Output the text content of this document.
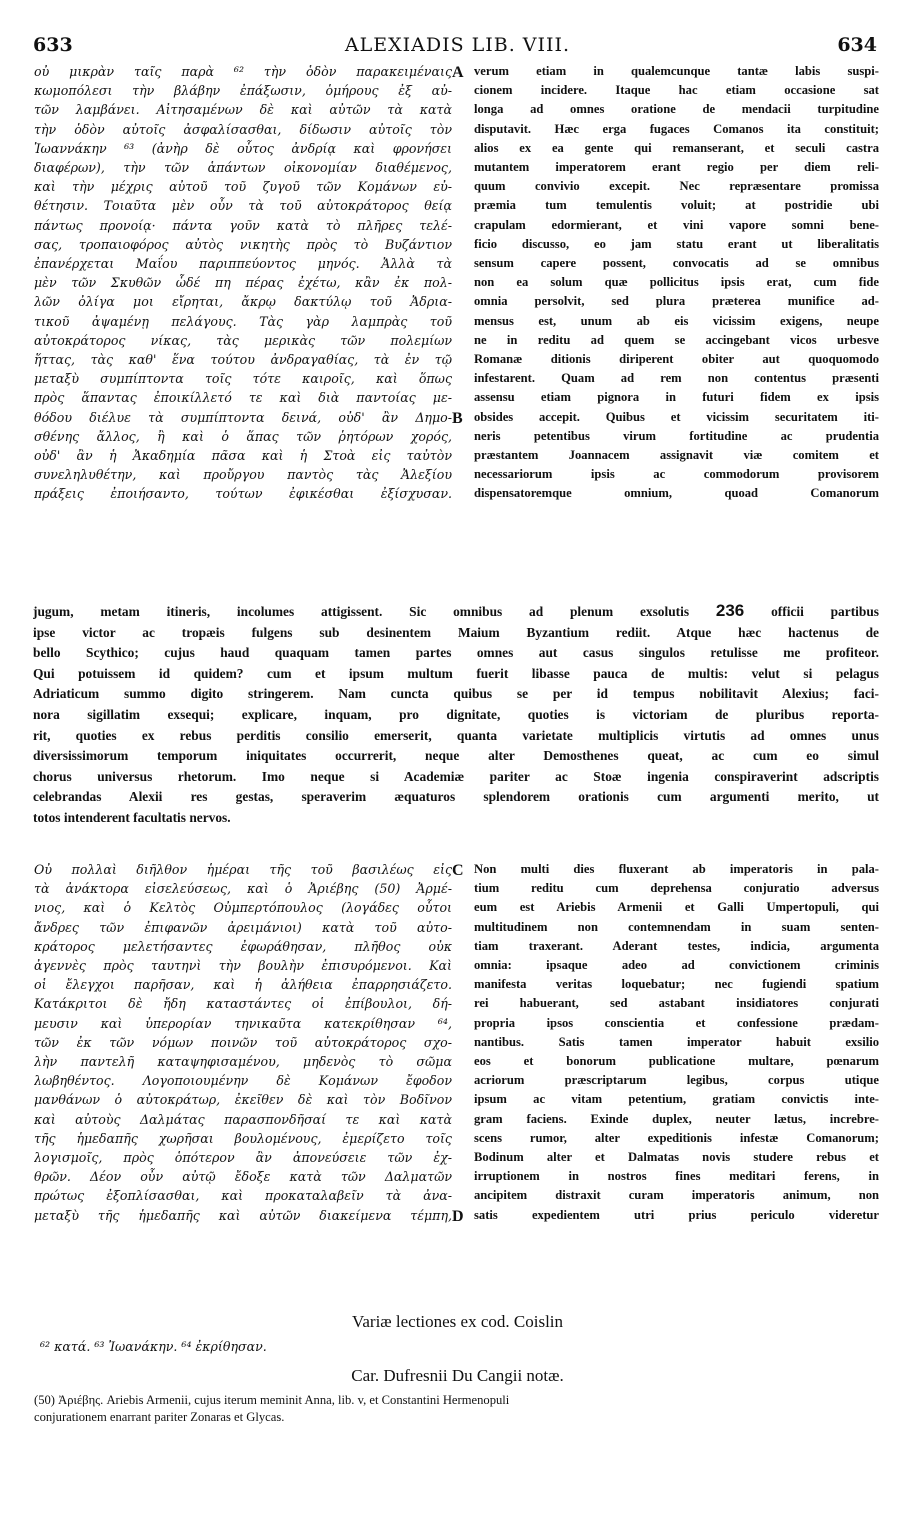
633	ALEXIADIS LIB. VIII.	634
οὐ μικρὰν ταῖς παρὰ ⁶² τὴν ὁδὸν παρακειμέναις
κωμοπόλεσι τὴν βλάβην ἐπάξωσιν, ὁμήρους ἐξ αὐ-
τῶν λαμβάνει. Αἰτησαμένων δὲ καὶ αὐτῶν τὰ κατὰ
τὴν ὁδὸν αὐτοῖς ἀσφαλίσασθαι, δίδωσιν αὐτοῖς τὸν
Ἰωαννάκην ⁶³ (ἀνὴρ δὲ οὗτος ἀνδρίᾳ καὶ φρονήσει
διαφέρων), τὴν τῶν ἁπάντων οἰκονομίαν διαθέμενος,
καὶ τὴν μέχρις αὐτοῦ τοῦ ζυγοῦ τῶν Κομάνων εὐ-
θέτησιν. Τοιαῦτα μὲν οὖν τὰ τοῦ αὐτοκράτορος θείᾳ
πάντως προνοίᾳ· πάντα γοῦν κατὰ τὸ πλῆρες τελέ-
σας, τροπαιοφόρος αὐτὸς νικητὴς πρὸς τὸ Βυζάντιον
ἐπανέρχεται Μαΐου παριππεύοντος μηνός. Ἀλλὰ τὰ
μὲν τῶν Σκυθῶν ὧδέ πη πέρας ἐχέτω, κἂν ἐκ πολ-
λῶν ὀλίγα μοι εἴρηται, ἄκρῳ δακτύλῳ τοῦ Ἀδρια-
τικοῦ ἀψαμένῃ πελάγους. Τὰς γὰρ λαμπρὰς τοῦ
αὐτοκράτορος νίκας, τὰς μερικὰς τῶν πολεμίων
ἥττας, τὰς καθ' ἕνα τούτου ἀνδραγαθίας, τὰ ἐν τῷ
μεταξὺ συμπίπτοντα τοῖς τότε καιροῖς, καὶ ὅπως
πρὸς ἅπαντας ἐποικίλλετό τε καὶ διὰ παντοίας με-
θόδου διέλυε τὰ συμπίπτοντα δεινά, οὐδ' ἂν Δημο-
σθένης ἄλλος, ἢ καὶ ὁ ἅπας τῶν ῥητόρων χορός,
οὐδ' ἂν ἡ Ἀκαδημία πᾶσα καὶ ἡ Στοὰ εἰς ταὐτὸν
συνεληλυθέτην, καὶ προὔργου παντὸς τὰς Ἀλεξίου
πράξεις ἐποιήσαντο, τούτων ἐφικέσθαι ἐξίσχυσαν.
verum etiam in qualemcunque tantæ labis suspi-
cionem incidere. Itaque hac etiam occasione sat
longa ad omnes oratione de mendacii turpitudine
disputavit. Hæc erga fugaces Comanos ita constituit;
alios ex ea gente qui remanserant, et seculi castra
mutantem imperatorem erant regio per diem reli-
quum convivio excepit. Nec repræsentare promissa
præmia tum temulentis voluit; at postridie ubi
crapulam edormierant, et vini vapore somni bene-
ficio discusso, eo jam statu erant ut liberalitatis
sensum capere possent, convocatis ad se omnibus
non ea solum quæ pollicitus ipsis erat, cum fide
omnia persolvit, sed plura præterea munifice ad-
mensus est, unum ab eis vicissim exigens, neupe
ne in reditu ad quem se accingebant vicos urbesve
Romanæ ditionis diriperent obiter aut quoquomodo
infestarent. Quam ad rem non contentus præsenti
assensu etiam pignora in futuri fidem ex ipsis
obsides accepit. Quibus et vicissim securitatem iti-
neris petentibus virum fortitudine ac prudentia
præstantem Joannacem assignavit viæ comitem et
necessariorum ipsis ac commodorum provisorem
dispensatoremque omnium, quoad Comanorum
A
B
jugum, metam itineris, incolumes attigissent. Sic omnibus ad plenum exsolutis 236 officii partibus
ipse victor ac tropæis fulgens sub desinentem Maium Byzantium rediit. Atque hæc hactenus de
bello Scythico; cujus haud quaquam tamen partes omnes aut casus singulos retulisse me profiteor.
Qui potuissem id quidem? cum et ipsum multum fuerit libasse pauca de multis: velut si pelagus
Adriaticum summo digito stringerem. Nam cuncta quibus se per id tempus nobilitavit Alexius; faci-
nora sigillatim exsequi; explicare, inquam, pro dignitate, quoties is victoriam de pluribus reporta-
rit, quoties ex rebus perditis consilio emerserit, quanta varietate multiplicis virtutis ad omnes unus
diversissimorum temporum iniquitates occurrerit, neque alter Demosthenes queat, ac cum eo simul
chorus universus rhetorum. Imo neque si Academiæ pariter ac Stoæ ingenia conspiraverint adscriptis
celebrandas Alexii res gestas, speraverim æquaturos splendorem orationis cum argumenti merito, ut
totos intenderent facultatis nervos.
Οὐ πολλαὶ διῆλθον ἡμέραι τῆς τοῦ βασιλέως εἰς
τὰ ἀνάκτορα εἰσελεύσεως, καὶ ὁ Ἀριέβης (50) Ἀρμέ-
νιος, καὶ ὁ Κελτὸς Οὐμπερτόπουλος (λογάδες οὗτοι
ἄνδρες τῶν ἐπιφανῶν ἀρειμάνιοι) κατὰ τοῦ αὐτο-
κράτορος μελετήσαντες ἐφωράθησαν, πλῆθος οὐκ
ἀγεννὲς πρὸς ταυτηνὶ τὴν βουλὴν ἐπισυρόμενοι. Καὶ
οἱ ἔλεγχοι παρῆσαν, καὶ ἡ ἀλήθεια ἐπαρρησιάζετο.
Κατάκριτοι δὲ ἤδη καταστάντες οἱ ἐπίβουλοι, δή-
μευσιν καὶ ὑπερορίαν τηνικαῦτα κατεκρίθησαν ⁶⁴,
τῶν ἐκ τῶν νόμων ποινῶν τοῦ αὐτοκράτορος σχο-
λὴν παντελῆ καταψηφισαμένου, μηδενὸς τὸ σῶμα
λωβηθέντος. Λογοποιουμένην δὲ Κομάνων ἔφοδον
μανθάνων ὁ αὐτοκράτωρ, ἐκεῖθεν δὲ καὶ τὸν Βοδῖνον
καὶ αὐτοὺς Δαλμάτας παρασπονδῆσαί τε καὶ κατὰ
τῆς ἡμεδαπῆς χωρῆσαι βουλομένους, ἐμερίζετο τοῖς
λογισμοῖς, πρὸς ὁπότερον ἂν ἀπονεύσειε τῶν ἐχ-
θρῶν. Δέον οὖν αὐτῷ ἔδοξε κατὰ τῶν Δαλματῶν
πρώτως ἐξοπλίσασθαι, καὶ προκαταλαβεῖν τὰ ἀνα-
μεταξὺ τῆς ἡμεδαπῆς καὶ αὐτῶν διακείμενα τέμπη,
Non multi dies fluxerant ab imperatoris in pala-
tium reditu cum deprehensa conjuratio adversus
eum est Ariebis Armenii et Galli Umpertopuli, qui
multitudinem non contemnendam in suam senten-
tiam traxerant. Aderant testes, indicia, argumenta
omnia: ipsaque adeo ad convictionem criminis
manifesta veritas loquebatur; nec fugiendi spatium
rei habuerant, sed astabant insidiatores conjurati
propria ipsos conscientia et confessione prædam-
nantibus. Satis tamen imperator habuit exsilio
eos et bonorum publicatione multare, pœnarum
acriorum præscriptarum legibus, corpus utique
ipsum ac vitam petentium, gratiam convictis inte-
gram faciens. Exinde duplex, neuter lætus, increbre-
scens rumor, alter expeditionis infestæ Comanorum;
Bodinum alter et Dalmatas novis studere rebus et
irruptionem in nostros fines meditari ferens, in
ancipitem distraxit curam imperatoris animum, non
satis expedientem utri prius periculo videretur
C
D
Variæ lectiones ex cod. Coislin
⁶² κατά. ⁶³ Ἰωανάκην. ⁶⁴ ἐκρίθησαν.
Car. Dufresnii Du Cangii notæ.
(50) Ἀριέβης. Ariebis Armenii, cujus iterum meminit Anna, lib. v, et Constantini Hermenopuli
conjurationem enarrant pariter Zonaras et Glycas.
